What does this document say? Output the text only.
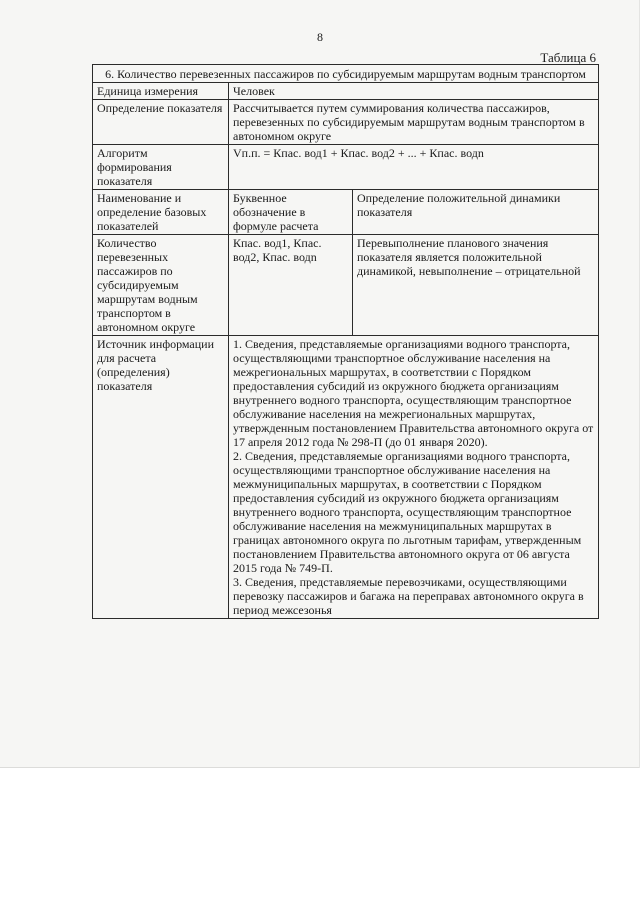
8
Таблица 6
6. Количество перевезенных пассажиров по субсидируемым маршрутам водным транспортом		
Единица измерения	Человек	
Определение показателя	Рассчитывается путем суммирования количества пассажиров, перевезенных по субсидируемым маршрутам водным транспортом в автономном округе	
Алгоритм формирования показателя	Vп.п. = Кпас. вод1 + Кпас. вод2 + ... + Кпас. водn	
Наименование и определение базовых показателей	Буквенное обозначение в формуле расчета	Определение положительной динамики показателя
Количество перевезенных пассажиров по субсидируемым маршрутам водным транспортом в автономном округе	Кпас. вод1, Кпас. вод2, Кпас. водn	Перевыполнение планового значения показателя является положительной динамикой, невыполнение – отрицательной
Источник информации для расчета (определения) показателя	1. Сведения, представляемые организациями водного транспорта, осуществляющими транспортное обслуживание населения на межрегиональных маршрутах, в соответствии с Порядком предоставления субсидий из окружного бюджета организациям внутреннего водного транспорта, осуществляющим транспортное обслуживание населения на межрегиональных маршрутах, утвержденным постановлением Правительства автономного округа от 17 апреля 2012 года № 298-П (до 01 января 2020).
2. Сведения, представляемые организациями водного транспорта, осуществляющими транспортное обслуживание населения на межмуниципальных маршрутах, в соответствии с Порядком предоставления субсидий из окружного бюджета организациям внутреннего водного транспорта, осуществляющим транспортное обслуживание населения на межмуниципальных маршрутах в границах автономного округа по льготным тарифам, утвержденным постановлением Правительства автономного округа от 06 августа 2015 года № 749-П.
3. Сведения, представляемые перевозчиками, осуществляющими перевозку пассажиров и багажа на переправах автономного округа в период межсезонья	
